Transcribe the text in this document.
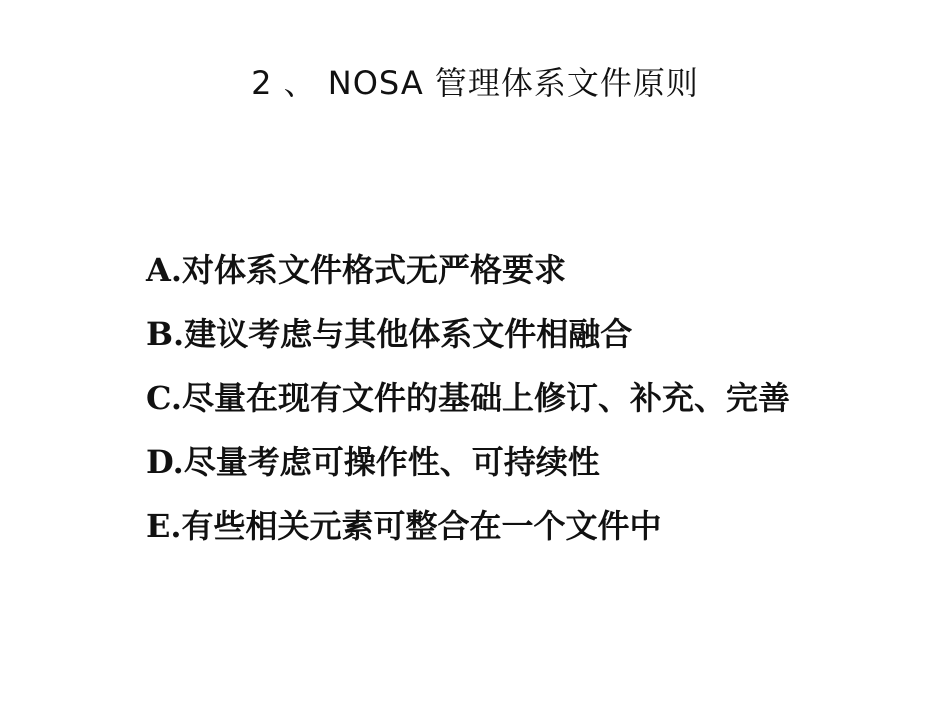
2 、 NOSA 管理体系文件原则
A.对体系文件格式无严格要求
B.建议考虑与其他体系文件相融合
C.尽量在现有文件的基础上修订、补充、完善
D.尽量考虑可操作性、可持续性
E.有些相关元素可整合在一个文件中
